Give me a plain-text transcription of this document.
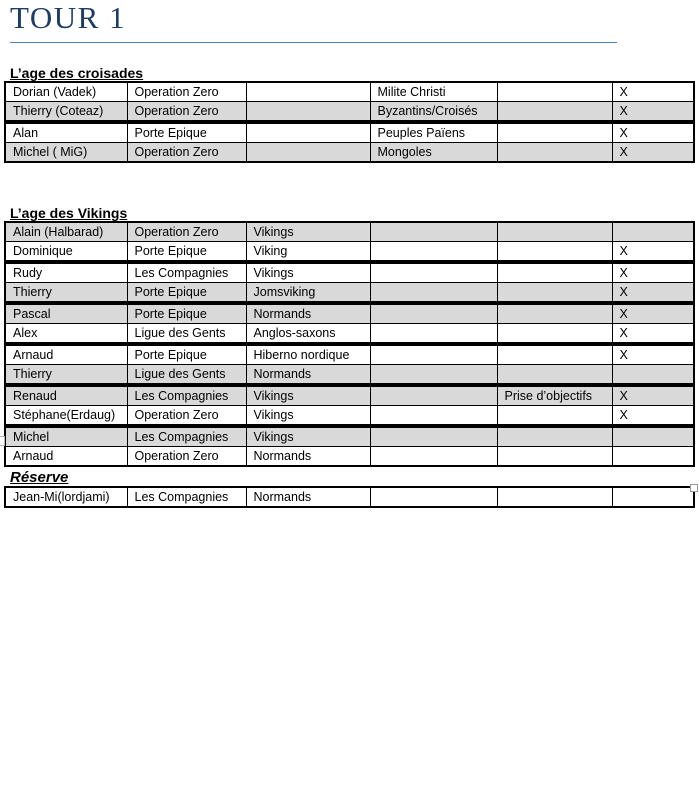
TOUR 1
L’age des croisades
Dorian (Vadek)	Operation Zero		Milite Christi		X
Thierry (Coteaz)	Operation Zero		Byzantins/Croisés		X
Alan	Porte Epique		Peuples Païens		X
Michel ( MiG)	Operation Zero		Mongoles		X
L’age des Vikings
Alain (Halbarad)	Operation Zero	Vikings			
Dominique	Porte Epique	Viking			X
Rudy	Les Compagnies	Vikings			X
Thierry	Porte Epique	Jomsviking			X
Pascal	Porte Epique	Normands			X
Alex	Ligue des Gents	Anglos-saxons			X
Arnaud	Porte Epique	Hiberno nordique			X
Thierry	Ligue des Gents	Normands			
Renaud	Les Compagnies	Vikings		Prise d’objectifs	X
Stéphane(Erdaug)	Operation Zero	Vikings			X
Michel	Les Compagnies	Vikings			
Arnaud	Operation Zero	Normands			
Réserve
Jean-Mi(lordjami)	Les Compagnies	Normands			
